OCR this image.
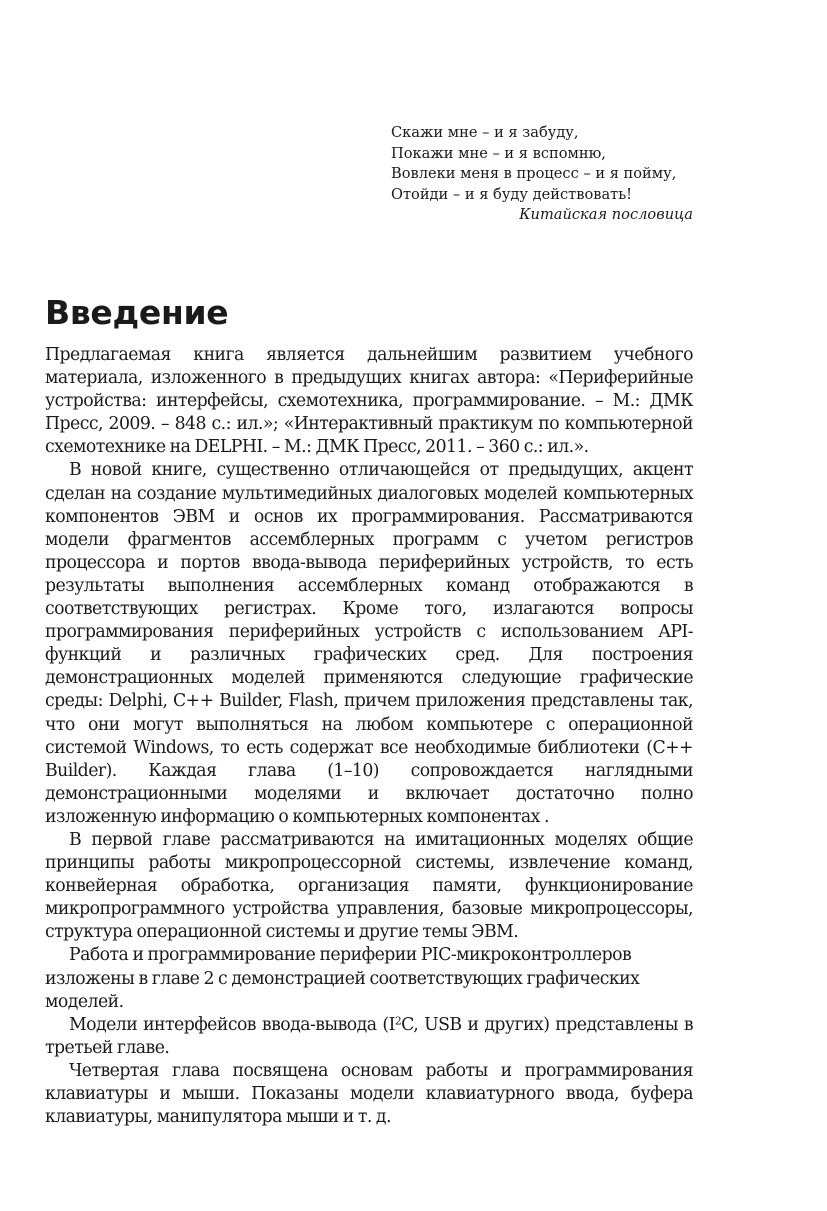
Скажи мне – и я забуду,
Покажи мне – и я вспомню,
Вовлеки меня в процесс – и я пойму,
Отойди – и я буду действовать!
Китайская пословица
Введение

Предлагаемая книга является дальнейшим развитием учебного материала, изложенного в предыдущих книгах автора: «Периферийные устройства: интерфейсы, схемотехника, программирование. – М.: ДМК Пресс, 2009. – 848 с.: ил.»; «Интерактивный практикум по компьютерной схемотехнике на DELPHI. – М.: ДМК Пресс, 2011. – 360 с.: ил.».

В новой книге, существенно отличающейся от предыдущих, акцент сделан на создание мультимедийных диалоговых моделей компьютерных компонентов ЭВМ и основ их программирования. Рассматриваются модели фрагментов ассемблерных программ с учетом регистров процессора и портов ввода-вывода периферийных устройств, то есть результаты выполнения ассемблерных команд отображаются в соответствующих регистрах. Кроме того, излагаются вопросы программирования периферийных устройств с использованием API-функций и различных графических сред. Для построения демонстрационных моделей применяются следующие графические среды: Delphi, C++ Builder, Flash, причем приложения представлены так, что они могут выполняться на любом компьютере с операционной системой Windows, то есть содержат все необходимые библиотеки (C++ Builder). Каждая глава (1–10) сопровождается наглядными демонстрационными моделями и включает достаточно полно изложенную информацию о компьютерных компонентах .

В первой главе рассматриваются на имитационных моделях общие принципы работы микропроцессорной системы, извлечение команд, конвейерная обработка, организация памяти, функционирование микропрограммного устройства управления, базовые микропроцессоры, структура операционной системы и другие темы ЭВМ.

Работа и программирование периферии PIC-микроконтроллеров изложены в главе 2 с демонстрацией соответствующих графических моделей.

Модели интерфейсов ввода-вывода ($I^2C$, USB и других) представлены в третьей главе.

Четвертая глава посвящена основам работы и программирования клавиатуры и мыши. Показаны модели клавиатурного ввода, буфера клавиатуры, манипулятора мыши и т. д.
